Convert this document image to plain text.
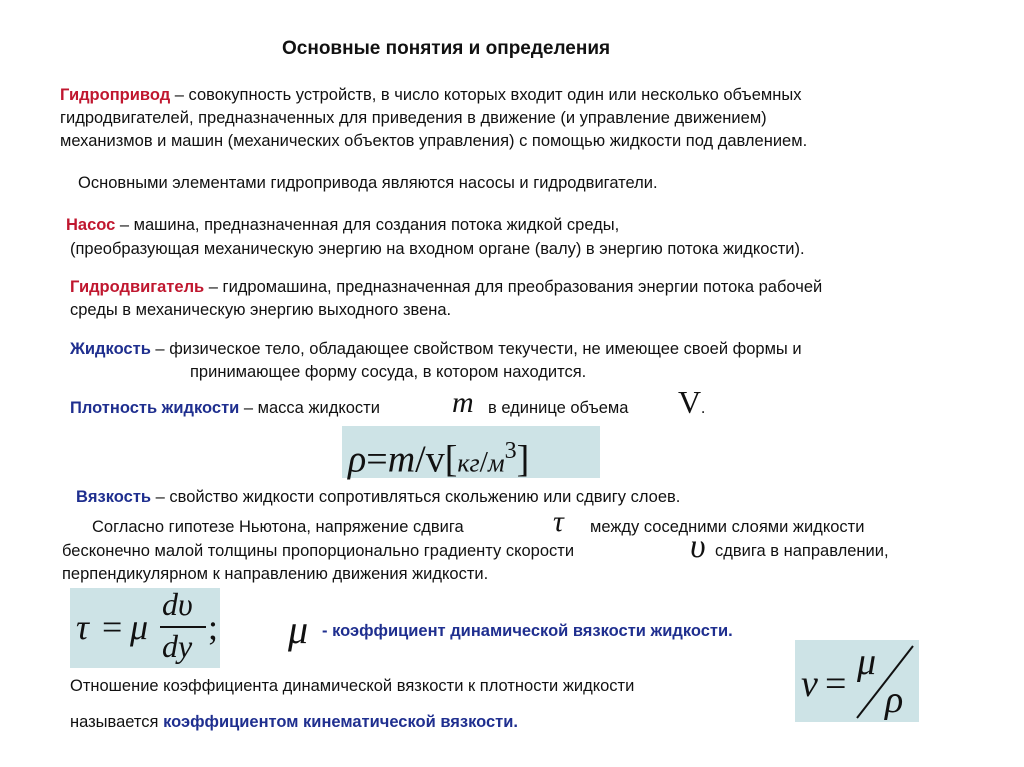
Основные понятия и определения
Гидропривод – совокупность устройств, в число которых входит один или несколько объемных
гидродвигателей, предназначенных для приведения в движение (и управление движением)
механизмов и машин (механических объектов управления) с помощью жидкости под давлением.
Основными элементами гидропривода являются насосы и гидродвигатели.
Насос – машина, предназначенная для создания потока жидкой среды,
(преобразующая механическую энергию на входном органе (валу) в энергию потока жидкости).
Гидродвигатель – гидромашина, предназначенная для преобразования энергии потока рабочей
среды в механическую энергию выходного звена.
Жидкость – физическое тело, обладающее свойством текучести, не имеющее своей формы и
принимающее форму сосуда, в котором находится.
Плотность жидкости – масса жидкости m в единице объема V.
$\rho=m/v[кг/м^3]$
Вязкость – свойство жидкости сопротивляться скольжению или сдвигу слоев.
Согласно гипотезе Ньютона, напряжение сдвига	τ между соседними слоями жидкости
бесконечно малой толщины пропорционально градиенту скорости	υ сдвига в направлении,
перпендикулярном к направлению движения жидкости.
τ = μ
dυ
dy ; μ - коэффициент динамической вязкости жидкости.
ν =
μ
ρ
Отношение коэффициента динамической вязкости к плотности жидкости
называется коэффициентом кинематической вязкости.
